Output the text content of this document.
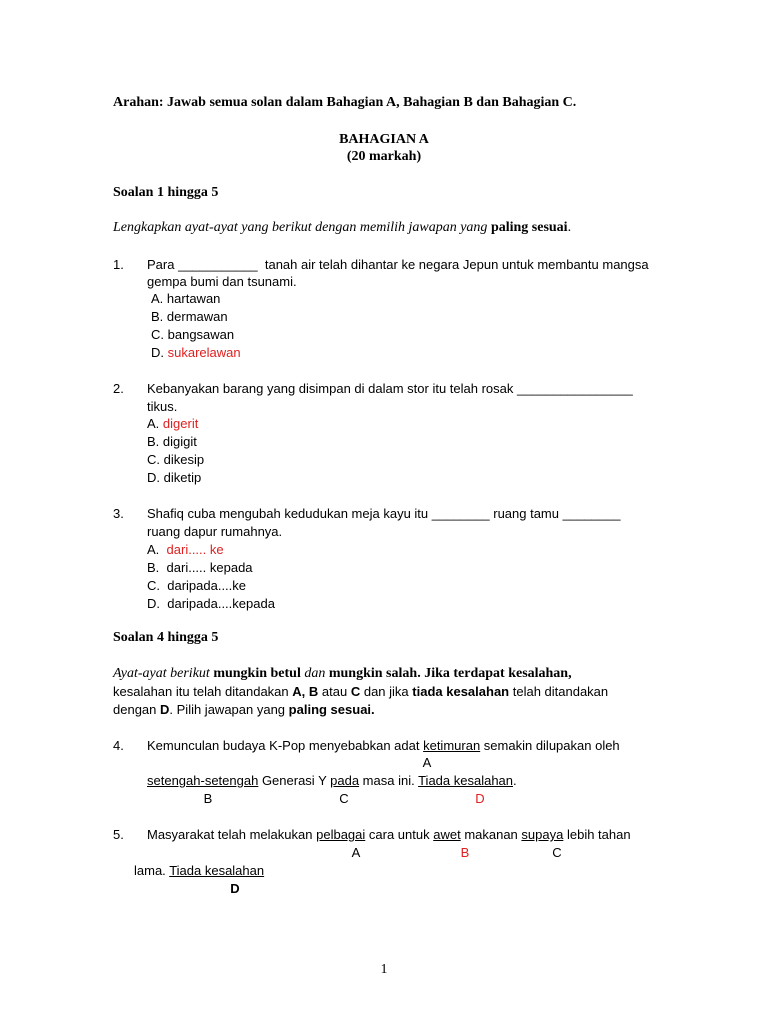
Arahan: Jawab semua solan dalam Bahagian A, Bahagian B dan Bahagian C.
BAHAGIAN A
(20 markah)
Soalan 1 hingga 5
Lengkapkan ayat-ayat yang berikut dengan memilih jawapan yang paling sesuai.
1. Para ___________ tanah air telah dihantar ke negara Jepun untuk membantu mangsa
gempa bumi dan tsunami.
A. hartawan
B. dermawan
C. bangsawan
D. sukarelawan
2. Kebanyakan barang yang disimpan di dalam stor itu telah rosak ________________
tikus.
A. digerit
B. digigit
C. dikesip
D. diketip
3. Shafiq cuba mengubah kedudukan meja kayu itu ________ ruang tamu ________
ruang dapur rumahnya.
A. dari..... ke
B. dari..... kepada
C. daripada....ke
D. daripada....kepada
Soalan 4 hingga 5
Ayat-ayat berikut mungkin betul dan mungkin salah. Jika terdapat kesalahan,
kesalahan itu telah ditandakan A, B atau C dan jika tiada kesalahan telah ditandakan
dengan D. Pilih jawapan yang paling sesuai.
4. Kemunculan budaya K-Pop menyebabkan adat ketimuran semakin dilupakan oleh
A
setengah-setengah Generasi Y pada masa ini. Tiada kesalahan.
B	C	D
5. Masyarakat telah melakukan pelbagai cara untuk awet makanan supaya lebih tahan
A	B	C
lama. Tiada kesalahan
D
1
